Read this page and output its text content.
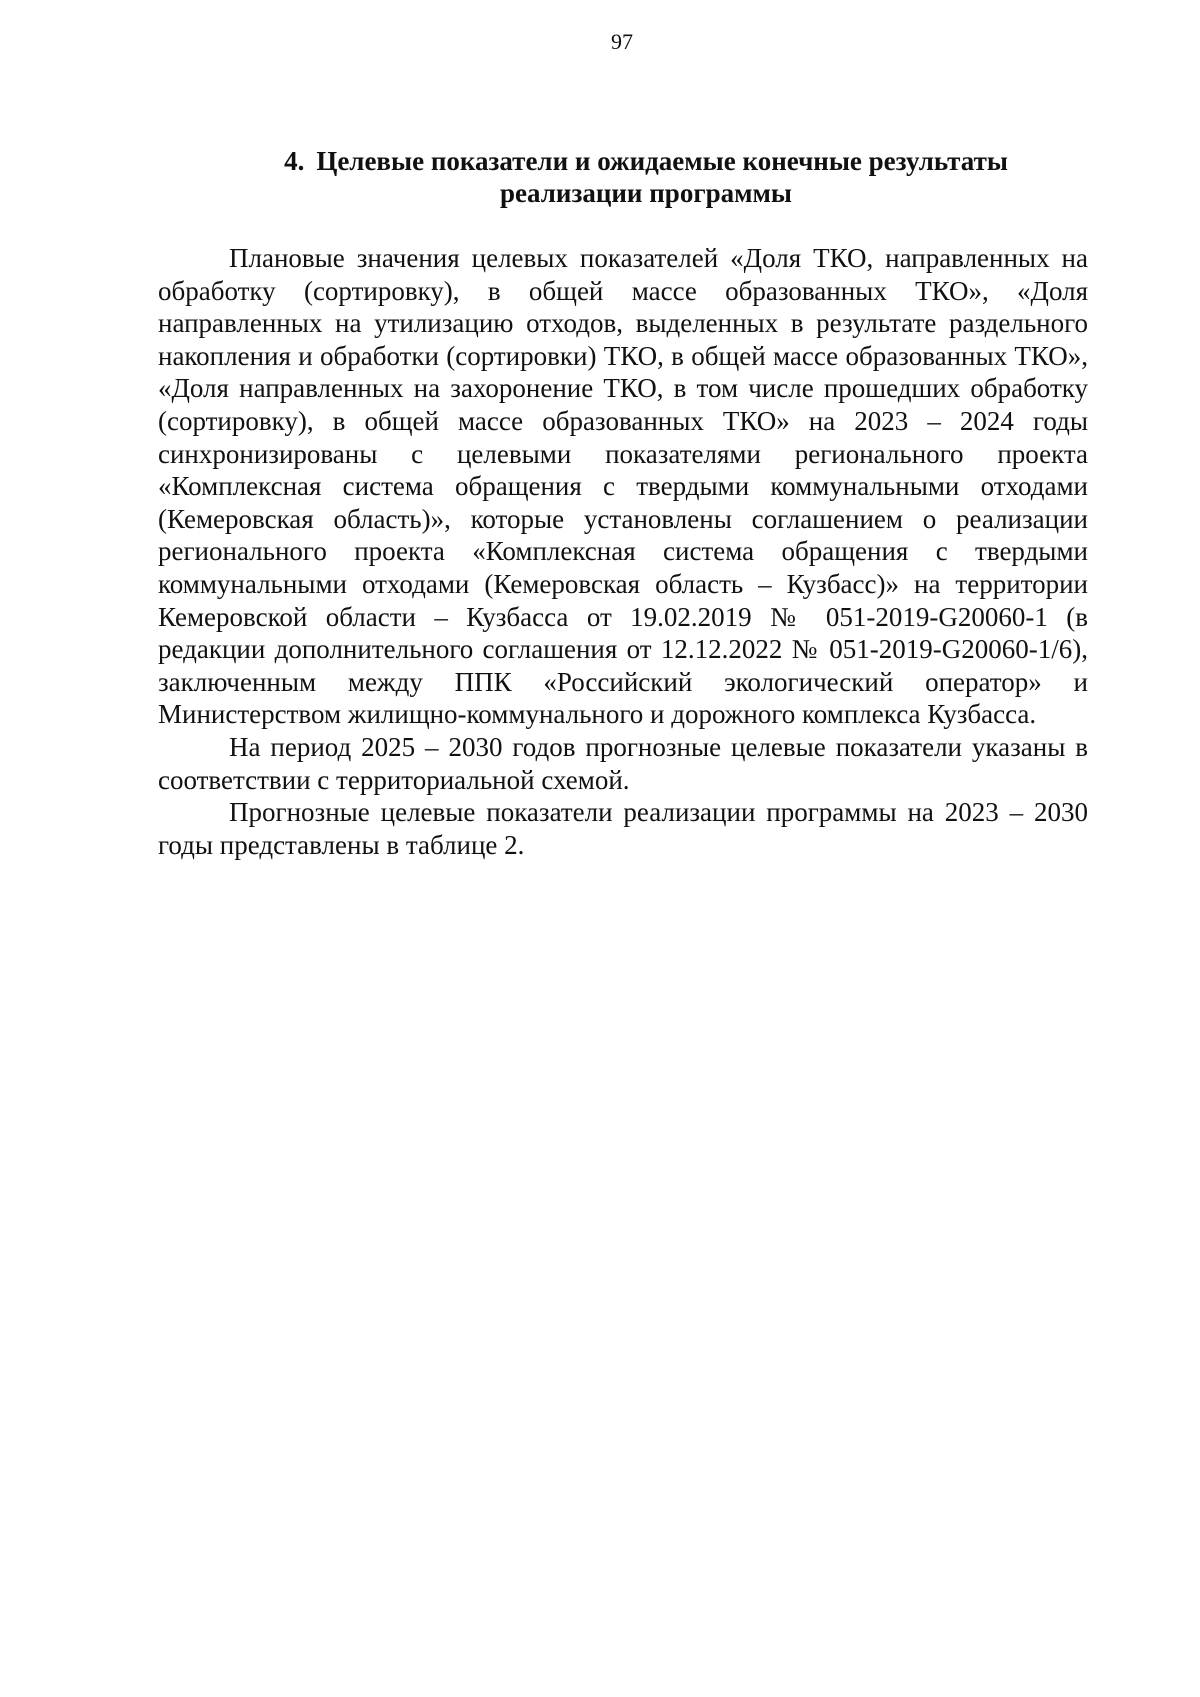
97
4. Целевые показатели и ожидаемые конечные результаты
реализации программы

Плановые значения целевых показателей «Доля ТКО, направленных на обработку (сортировку), в общей массе образованных ТКО», «Доля направленных на утилизацию отходов, выделенных в результате раздельного накопления и обработки (сортировки) ТКО, в общей массе образованных ТКО», «Доля направленных на захоронение ТКО, в том числе прошедших обработку (сортировку), в общей массе образованных ТКО» на 2023 – 2024 годы синхронизированы с целевыми показателями регионального проекта «Комплексная система обращения с твердыми коммунальными отходами (Кемеровская область)», которые установлены соглашением о реализации регионального проекта «Комплексная система обращения с твердыми коммунальными отходами (Кемеровская область – Кузбасс)» на территории Кемеровской области – Кузбасса от 19.02.2019 № 051-2019-G20060-1 (в редакции дополнительного соглашения от 12.12.2022 № 051-2019-G20060-1/6), заключенным между ППК «Российский экологический оператор» и Министерством жилищно-коммунального и дорожного комплекса Кузбасса.

На период 2025 – 2030 годов прогнозные целевые показатели указаны в соответствии с территориальной схемой.

Прогнозные целевые показатели реализации программы на 2023 – 2030 годы представлены в таблице 2.
